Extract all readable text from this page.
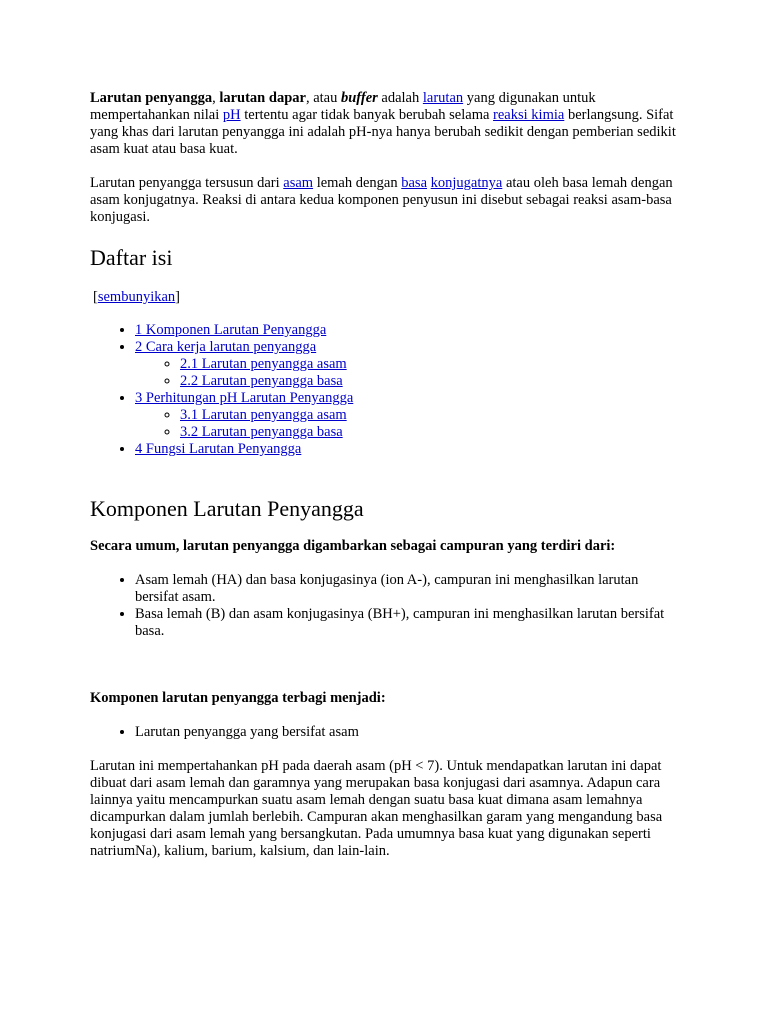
Larutan penyangga, larutan dapar, atau buffer adalah larutan yang digunakan untuk mempertahankan nilai pH tertentu agar tidak banyak berubah selama reaksi kimia berlangsung. Sifat yang khas dari larutan penyangga ini adalah pH-nya hanya berubah sedikit dengan pemberian sedikit asam kuat atau basa kuat.

Larutan penyangga tersusun dari asam lemah dengan basa konjugatnya atau oleh basa lemah dengan asam konjugatnya. Reaksi di antara kedua komponen penyusun ini disebut sebagai reaksi asam-basa konjugasi.

Daftar isi
[sembunyikan]
• 1 Komponen Larutan Penyangga
• 2 Cara kerja larutan penyangga
◦ 2.1 Larutan penyangga asam
◦ 2.2 Larutan penyangga basa
• 3 Perhitungan pH Larutan Penyangga
◦ 3.1 Larutan penyangga asam
◦ 3.2 Larutan penyangga basa
• 4 Fungsi Larutan Penyangga
Komponen Larutan Penyangga

Secara umum, larutan penyangga digambarkan sebagai campuran yang terdiri dari:

• Asam lemah (HA) dan basa konjugasinya (ion A-), campuran ini menghasilkan larutan bersifat asam.
• Basa lemah (B) dan asam konjugasinya (BH+), campuran ini menghasilkan larutan bersifat basa.

Komponen larutan penyangga terbagi menjadi:

• Larutan penyangga yang bersifat asam

Larutan ini mempertahankan pH pada daerah asam (pH < 7). Untuk mendapatkan larutan ini dapat dibuat dari asam lemah dan garamnya yang merupakan basa konjugasi dari asamnya. Adapun cara lainnya yaitu mencampurkan suatu asam lemah dengan suatu basa kuat dimana asam lemahnya dicampurkan dalam jumlah berlebih. Campuran akan menghasilkan garam yang mengandung basa konjugasi dari asam lemah yang bersangkutan. Pada umumnya basa kuat yang digunakan seperti natriumNa), kalium, barium, kalsium, dan lain-lain.
